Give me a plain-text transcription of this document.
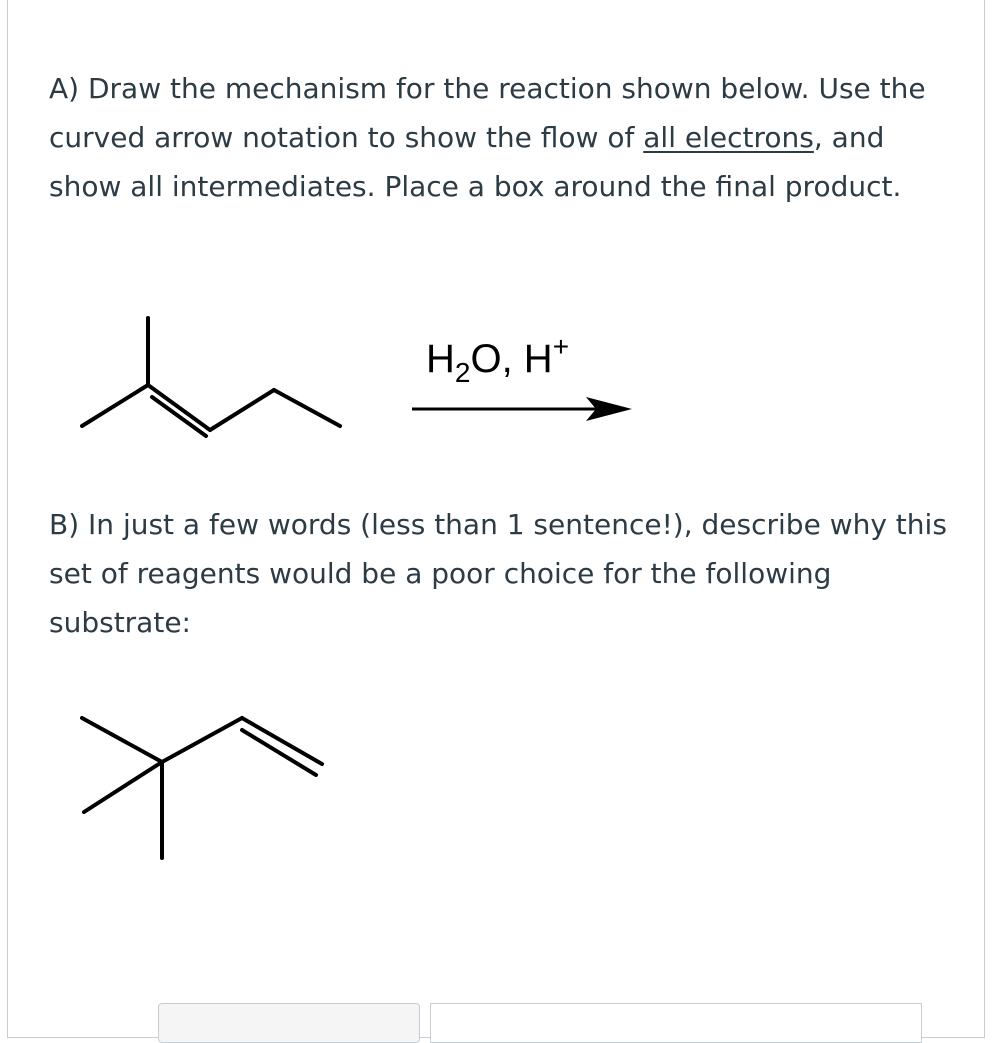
A) Draw the mechanism for the reaction shown below. Use the curved arrow notation to show the flow of all electrons, and show all intermediates. Place a box around the final product.

$H_2O$, H+

B) In just a few words (less than 1 sentence!), describe why this set of reagents would be a poor choice for the following substrate:
